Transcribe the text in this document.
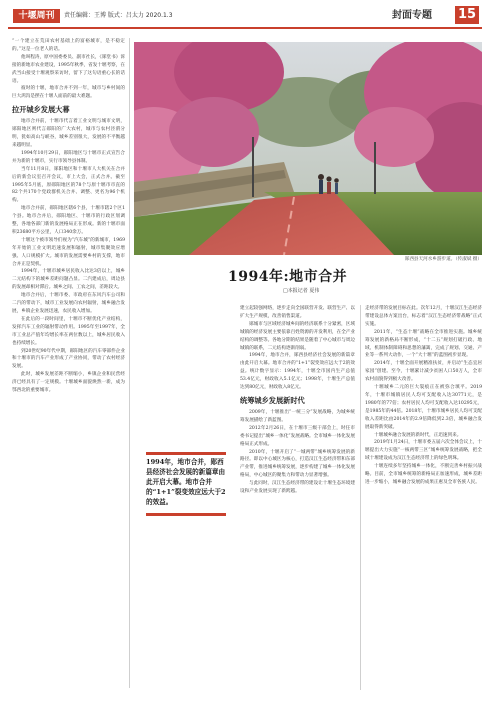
十堰周刊	责任编辑：王博 版式：吕太力 2020.1.3	封面专题 15

“一个建立在荒田农村基础上的富裕城市，是不稳定的。”这是一位老人的话。

他叫程涛，原中国委委员、副市社长，《郧堂书》诉接的新地市农业建设，1995年秋季，省发十堰考察，在武当山接受十堰观察采访时，留下了这句语重心长的话语。

彼时的十堰，地市合并不到一年，城市与乡村间的巨大鸿沟是摆在十堰人面前的最大难题。

拉开城乡发展大幕

地市合并前，十堰市代言着工业文明与城市文明，郧阳地区则代言郧阳的广大农村，城市与农村泾渭分明，犹如高山与峡谷，城乡差别很大，发展的不平衡越来越明显。

1994年10月29日，郧阳地区与十堰市正式宣告合并为新的十堰市，实行市领导县体制。

当年11月8日，郧阳地区和十堰市人大机关在合并后的新会议室召开会议，市上大会，正式合并。截至1995年5月底，原郧阳地区的78个与原十堰市市直的82个共170个党政群机关合并、调整、更名为96个机构。

地市合并前，郧阳地区辖6个县，十堰市辖2个区1个县。地市合并后，郧阳地区、十堰市的行政区划调整，各地各部门新的发展格局正在形成。新的十堰市面积23680平方公里，人口340余万。

十堰这个被市领导们视为“汽车城”的新城市，1969年开始的工业文明迅速发展和辐射，城市集聚效应增强、人口规模扩大。城市的发展需要乡村的支撑，地市合并正是契机。

1994年，十堰市城乡居民收入比达3倍以上，城乡二元结构下的城乡差距问题凸显。二汽建成后，周边县的发展却相对滞后。城乡之间、工农之间，差距较大。

地市合并后，十堰市委、市政府在东风汽车公司和二汽的带动下，城市工业发展向农村辐射，城乡融合发展，乡镇企业发展迅速，农民收入增加。

在此后的一段时间里，十堰市不断优化产业结构，发挥汽车工业的辐射带动作用。1995年至1997年，全市工业总产值年均增长率在两位数以上，城乡居民收入也持续增长。

到20世纪90年代中期，郧阳地区的汽车零部件企业和十堰市的汽车产业形成了产业协同，带动了农村经济发展。

此时，城乡发展差距不断缩小，乡镇企业和民营经济已经具有了一定规模。十堰城乡面貌焕然一新，成为鄂西北的重要城市。

郧西县天河水乡游步道。（传淑斌 摄）
1994年:地市合并
□本报记者 夏伟
1994年，地市合并，郧西县经济社会发展的新篇章由此开启大幕。地市合并的“1+1”裂变效应远大于2的效益。

建立起较强网络，逐步走向全国联营开发、联营生产、以扩大生产规模，改善销售渠道。

郧城市与区域经济城乡间的经济联系十分紧密，区域城镇的经济发展主要依靠百姓资源的开发利用，在全产业结构的调整等。各地分期的结果是随着了中心城市与周边城镇的联系，二元结构逐渐削弱。

1994年，地市合并，郧西县经济社会发展的新篇章由此开启大幕。地市合并的“1+1”裂变效应远大于2的效益。统计数字显示：1994年，十堰全市国内生产总值53.4亿元，财政收入5.1亿元；1998年，十堰生产总值达到80亿元，财政收入8亿元。

统筹城乡发展新时代

2009年，十堰推出“一统三分”发展战略，为城乡统筹发展描绘了新蓝图。

2012年2月26日，在十堰市三级干部会上，时任市委书记提出“城乡一体化”发展战略。全市城乡一体化发展格局正式形成。

2010年，十堰开启了“一城两带”城乡统筹发展的新路径。即以中心城区为核心，打造汉江生态经济带和东部产业带，推进城乡统筹发展，逐步构建了城乡一体化发展格局，中心城区的聚集力和带动力显著增强。

与此同时，汉江生态经济带的建设让十堰生态环境建设和产业发展实现了新跨越。

走经济带的发展目标在此。次年12月，十堰汉江生态经济带建设总体方案出台，标志着“汉江生态经济带战略”正式实施。

2011年，“生态十堰”战略在全市推进实施。城乡统筹发展的新格局不断形成，“十二五”规划打破行政、地域、机制体制障碍和思想的藩篱，完成了规划、交通、产业等一系列大动作，一个“大十堰”的蓝图初步显现。

2014年，十堰全面开展精准扶贫，并启动“生态宜居家园”创建。至今，十堰累计减少贫困人口50万人，全市农村面貌得到极大改善。

十堰城乡二元的巨大裂痕正在被弥合填平。2019年，十堰市城镇居民人均可支配收入达30771元，是1980年的77倍；农村居民人均可支配收入达10295元，是1985年的44倍。2018年，十堰市城乡居民人均可支配收入差距比由2014年的2.9倍降低到2.3倍，城乡融合发展取得新突破。

十堰城乡融合发展的新时代，正迅速到来。

2019年1月24日，十堰市委五届六次全体会议上，十堰提出大力实施“一核两带三区”城乡统筹发展战略，把全域十堰建设成为汉江生态经济带上的绿色明珠。

十堰连续多年坚持城乡一体化，不断完善乡村振兴战略。目前，全市城乡统筹的新格局正加速形成，城乡差距进一步缩小，城乡融合发展的成果正惠及全市各族人民。
